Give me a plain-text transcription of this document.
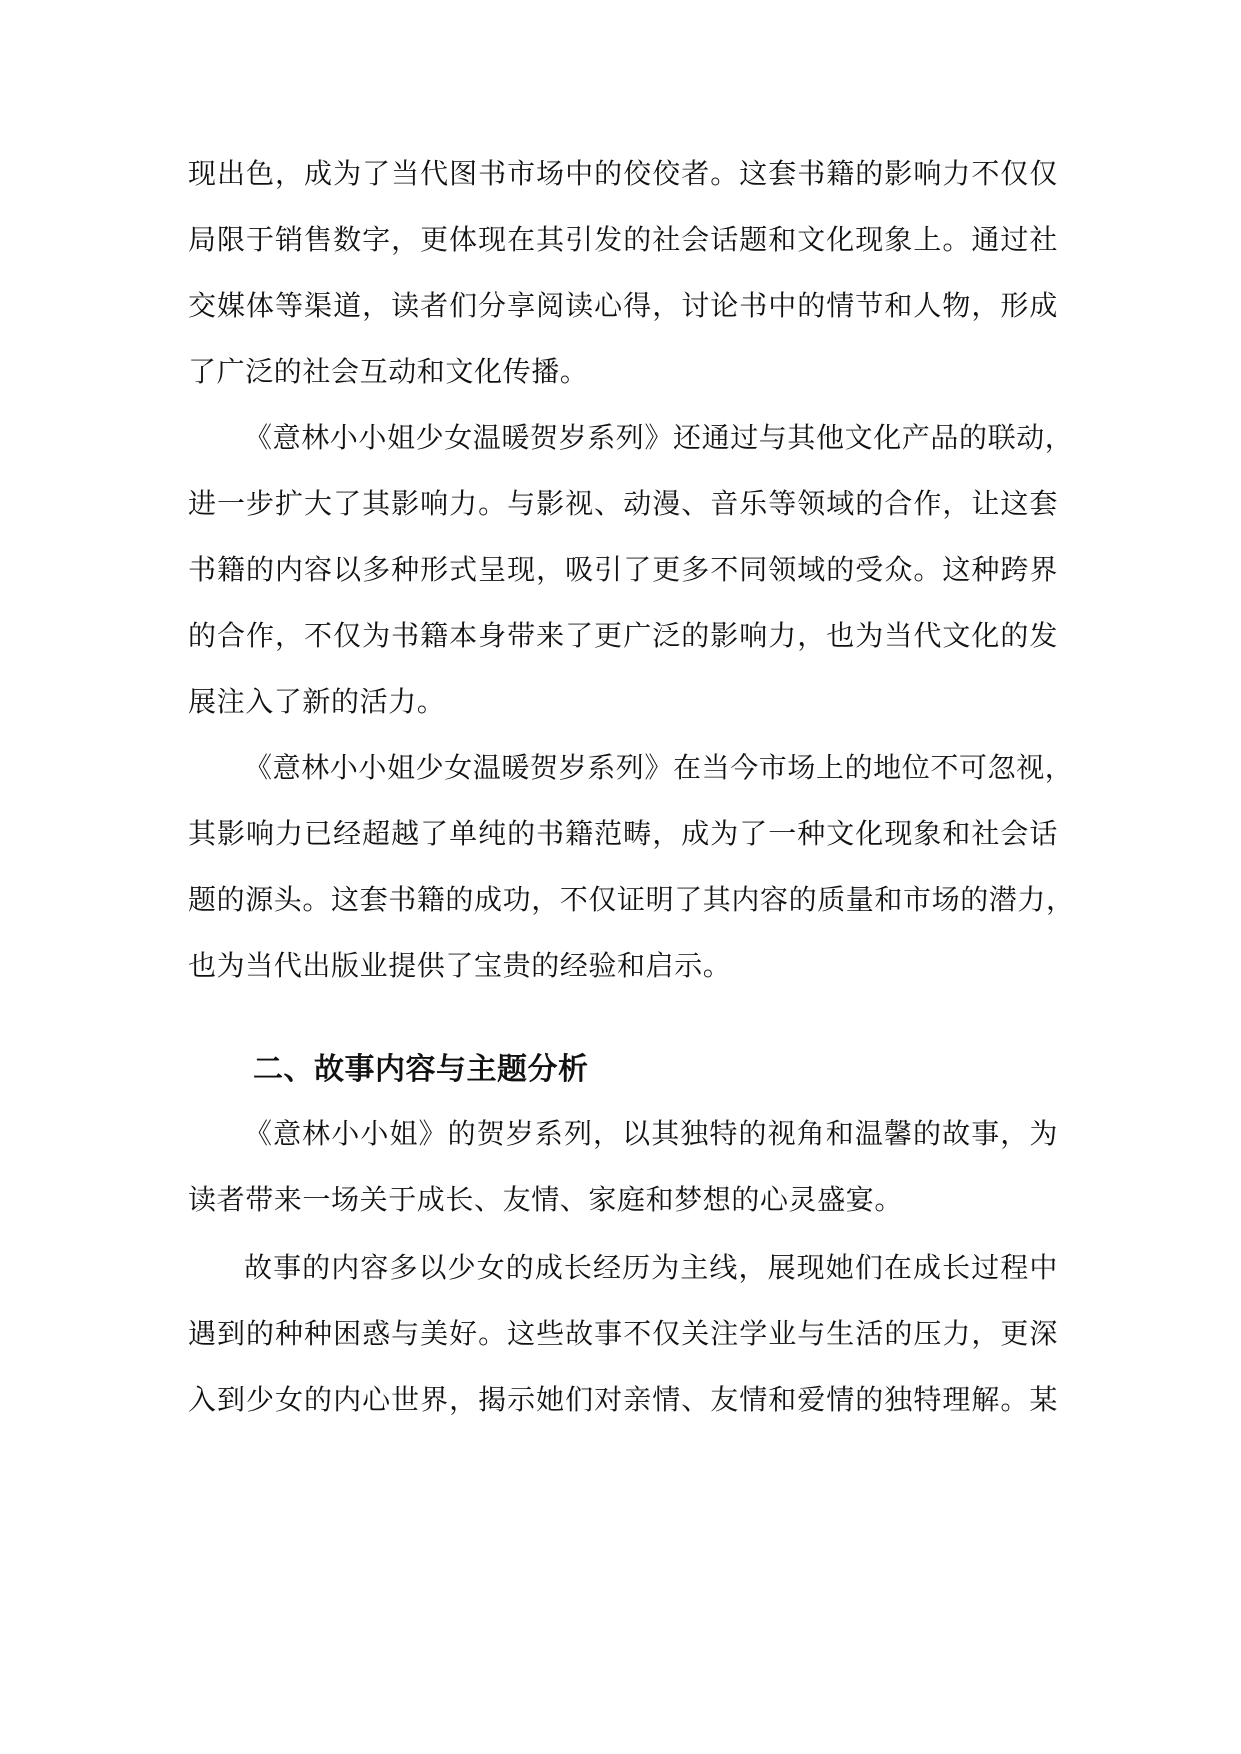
现出色，成为了当代图书市场中的佼佼者。这套书籍的影响力不仅仅
局限于销售数字，更体现在其引发的社会话题和文化现象上。通过社
交媒体等渠道，读者们分享阅读心得，讨论书中的情节和人物，形成
了广泛的社会互动和文化传播。
《意林小小姐少女温暖贺岁系列》还通过与其他文化产品的联动，
进一步扩大了其影响力。与影视、动漫、音乐等领域的合作，让这套
书籍的内容以多种形式呈现，吸引了更多不同领域的受众。这种跨界
的合作，不仅为书籍本身带来了更广泛的影响力，也为当代文化的发
展注入了新的活力。
《意林小小姐少女温暖贺岁系列》在当今市场上的地位不可忽视，
其影响力已经超越了单纯的书籍范畴，成为了一种文化现象和社会话
题的源头。这套书籍的成功，不仅证明了其内容的质量和市场的潜力，
也为当代出版业提供了宝贵的经验和启示。
二、故事内容与主题分析
《意林小小姐》的贺岁系列，以其独特的视角和温馨的故事，为
读者带来一场关于成长、友情、家庭和梦想的心灵盛宴。
故事的内容多以少女的成长经历为主线，展现她们在成长过程中
遇到的种种困惑与美好。这些故事不仅关注学业与生活的压力，更深
入到少女的内心世界，揭示她们对亲情、友情和爱情的独特理解。某
